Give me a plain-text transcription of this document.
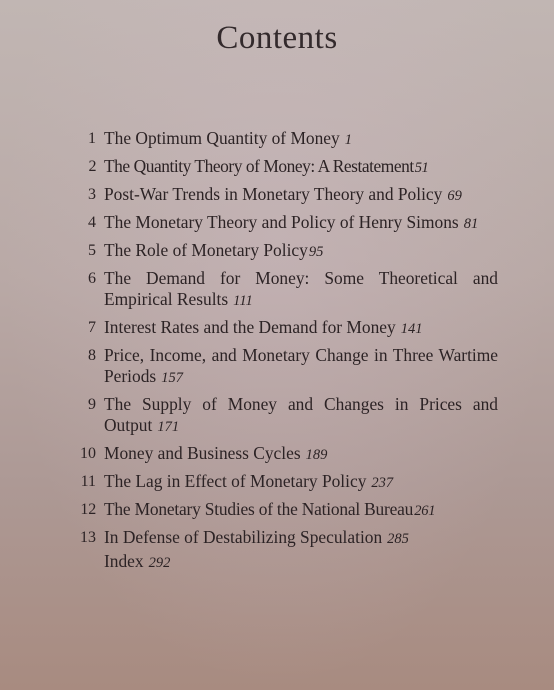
Contents
1 The Optimum Quantity of Money 1
2 The Quantity Theory of Money: A Restatement51
3 Post-War Trends in Monetary Theory and Policy 69
4 The Monetary Theory and Policy of Henry Simons 81
5 The Role of Monetary Policy95
6 The Demand for Money: Some Theoretical and Empirical Results 111
7 Interest Rates and the Demand for Money 141
8 Price, Income, and Monetary Change in Three Wartime Periods 157
9 The Supply of Money and Changes in Prices and Output 171
10 Money and Business Cycles 189
11 The Lag in Effect of Monetary Policy 237
12 The Monetary Studies of the National Bureau261
13 In Defense of Destabilizing Speculation 285
Index 292
